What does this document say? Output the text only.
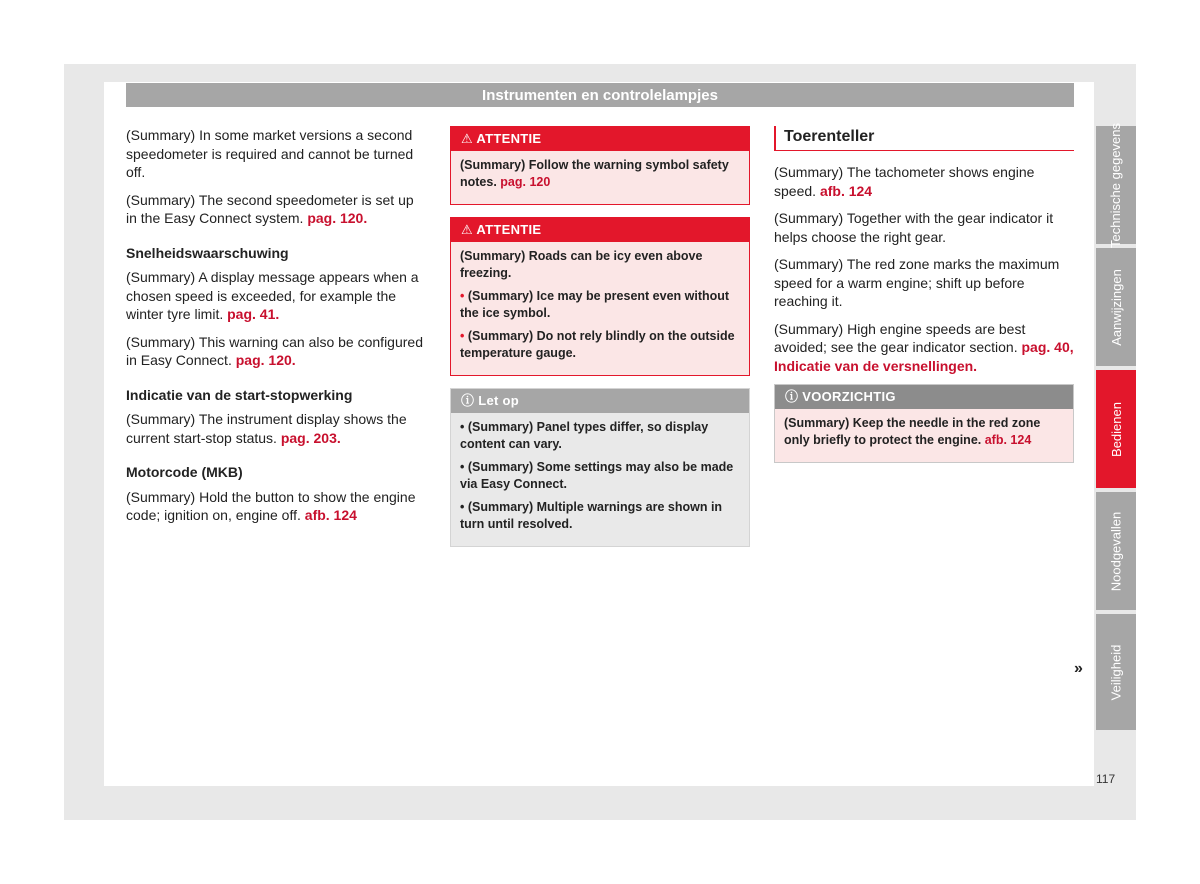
Instrumenten en controlelampjes

(Summary) In some market versions a second speedometer is required and cannot be turned off.

(Summary) The second speedometer is set up in the Easy Connect system. pag. 120.

Snelheidswaarschuwing

(Summary) A display message appears when a chosen speed is exceeded, for example the winter tyre limit. pag. 41.

(Summary) This warning can also be configured in Easy Connect. pag. 120.

Indicatie van de start-stopwerking

(Summary) The instrument display shows the current start-stop status. pag. 203.

Motorcode (MKB)

(Summary) Hold the button to show the engine code; ignition on, engine off. afb. 124

⚠ ATTENTIE

(Summary) Follow the warning symbol safety notes. pag. 120

⚠ ATTENTIE

(Summary) Roads can be icy even above freezing.

• (Summary) Ice may be present even without the ice symbol.

• (Summary) Do not rely blindly on the outside temperature gauge.

ⓘ Let op

• (Summary) Panel types differ, so display content can vary.

• (Summary) Some settings may also be made via Easy Connect.

• (Summary) Multiple warnings are shown in turn until resolved.

Toerenteller

(Summary) The tachometer shows engine speed. afb. 124

(Summary) Together with the gear indicator it helps choose the right gear.

(Summary) The red zone marks the maximum speed for a warm engine; shift up before reaching it.

(Summary) High engine speeds are best avoided; see the gear indicator section. pag. 40, Indicatie van de versnellingen.

ⓘ VOORZICHTIG

(Summary) Keep the needle in the red zone only briefly to protect the engine. afb. 124

»
Technische gegevens
Aanwijzingen
Bedienen
Noodgevallen
Veiligheid
117
